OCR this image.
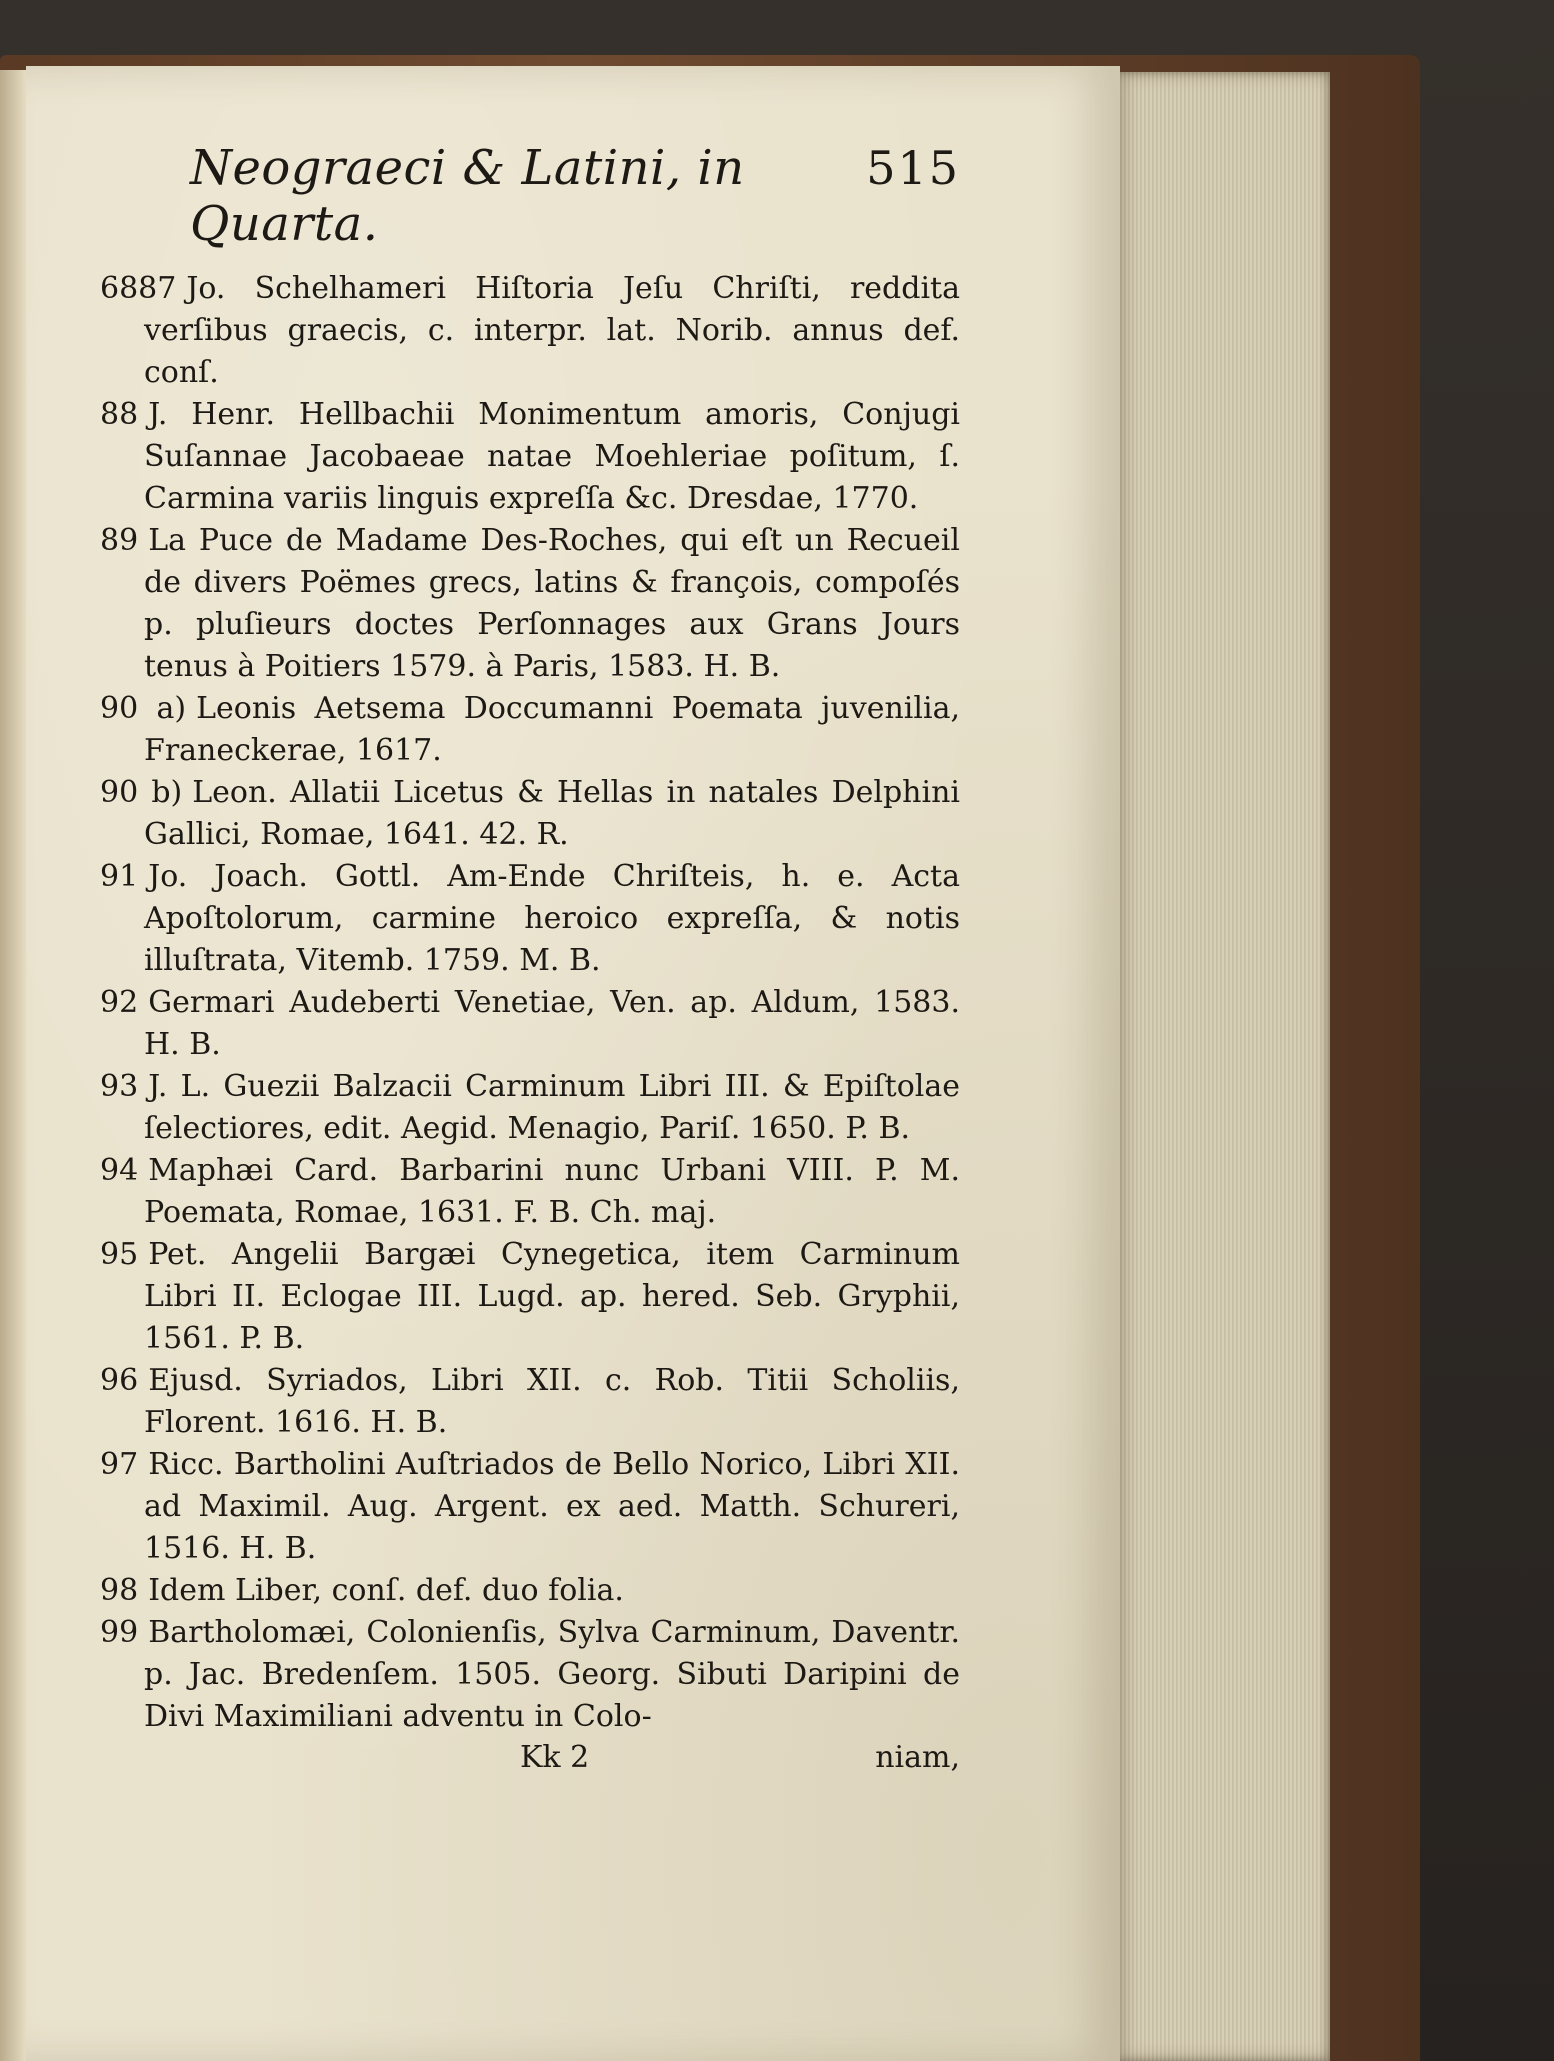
Neograeci & Latini, in Quarta.
515
6887 Jo. Schelhameri Hiſtoria Jeſu Chriſti, reddita verſibus graecis, c. interpr. lat. Norib. annus def. conſ.
88 J. Henr. Hellbachii Monimentum amoris, Conjugi Suſannae Jacobaeae natae Moehleriae poſitum, ſ. Carmina variis linguis expreſſa &c. Dresdae, 1770.
89 La Puce de Madame Des-Roches, qui eſt un Recueil de divers Poëmes grecs, latins & françois, compoſés p. pluſieurs doctes Perſonnages aux Grans Jours tenus à Poitiers 1579. à Paris, 1583. H. B.
90 a) Leonis Aetsema Doccumanni Poemata juvenilia, Franeckerae, 1617.
90 b) Leon. Allatii Licetus & Hellas in natales Delphini Gallici, Romae, 1641. 42. R.
91 Jo. Joach. Gottl. Am-Ende Chriſteis, h. e. Acta Apoſtolorum, carmine heroico expreſſa, & notis illuſtrata, Vitemb. 1759. M. B.
92 Germari Audeberti Venetiae, Ven. ap. Aldum, 1583. H. B.
93 J. L. Guezii Balzacii Carminum Libri III. & Epiſtolae ſelectiores, edit. Aegid. Menagio, Pariſ. 1650. P. B.
94 Maphæi Card. Barbarini nunc Urbani VIII. P. M. Poemata, Romae, 1631. F. B. Ch. maj.
95 Pet. Angelii Bargæi Cynegetica, item Carminum Libri II. Eclogae III. Lugd. ap. hered. Seb. Gryphii, 1561. P. B.
96 Ejusd. Syriados, Libri XII. c. Rob. Titii Scholiis, Florent. 1616. H. B.
97 Ricc. Bartholini Auſtriados de Bello Norico, Libri XII. ad Maximil. Aug. Argent. ex aed. Matth. Schureri, 1516. H. B.
98 Idem Liber, conſ. def. duo folia.
99 Bartholomæi, Colonienſis, Sylva Carminum, Daventr. p. Jac. Bredenſem. 1505. Georg. Sibuti Daripini de Divi Maximiliani adventu in Colo-
Kk 2	niam,
